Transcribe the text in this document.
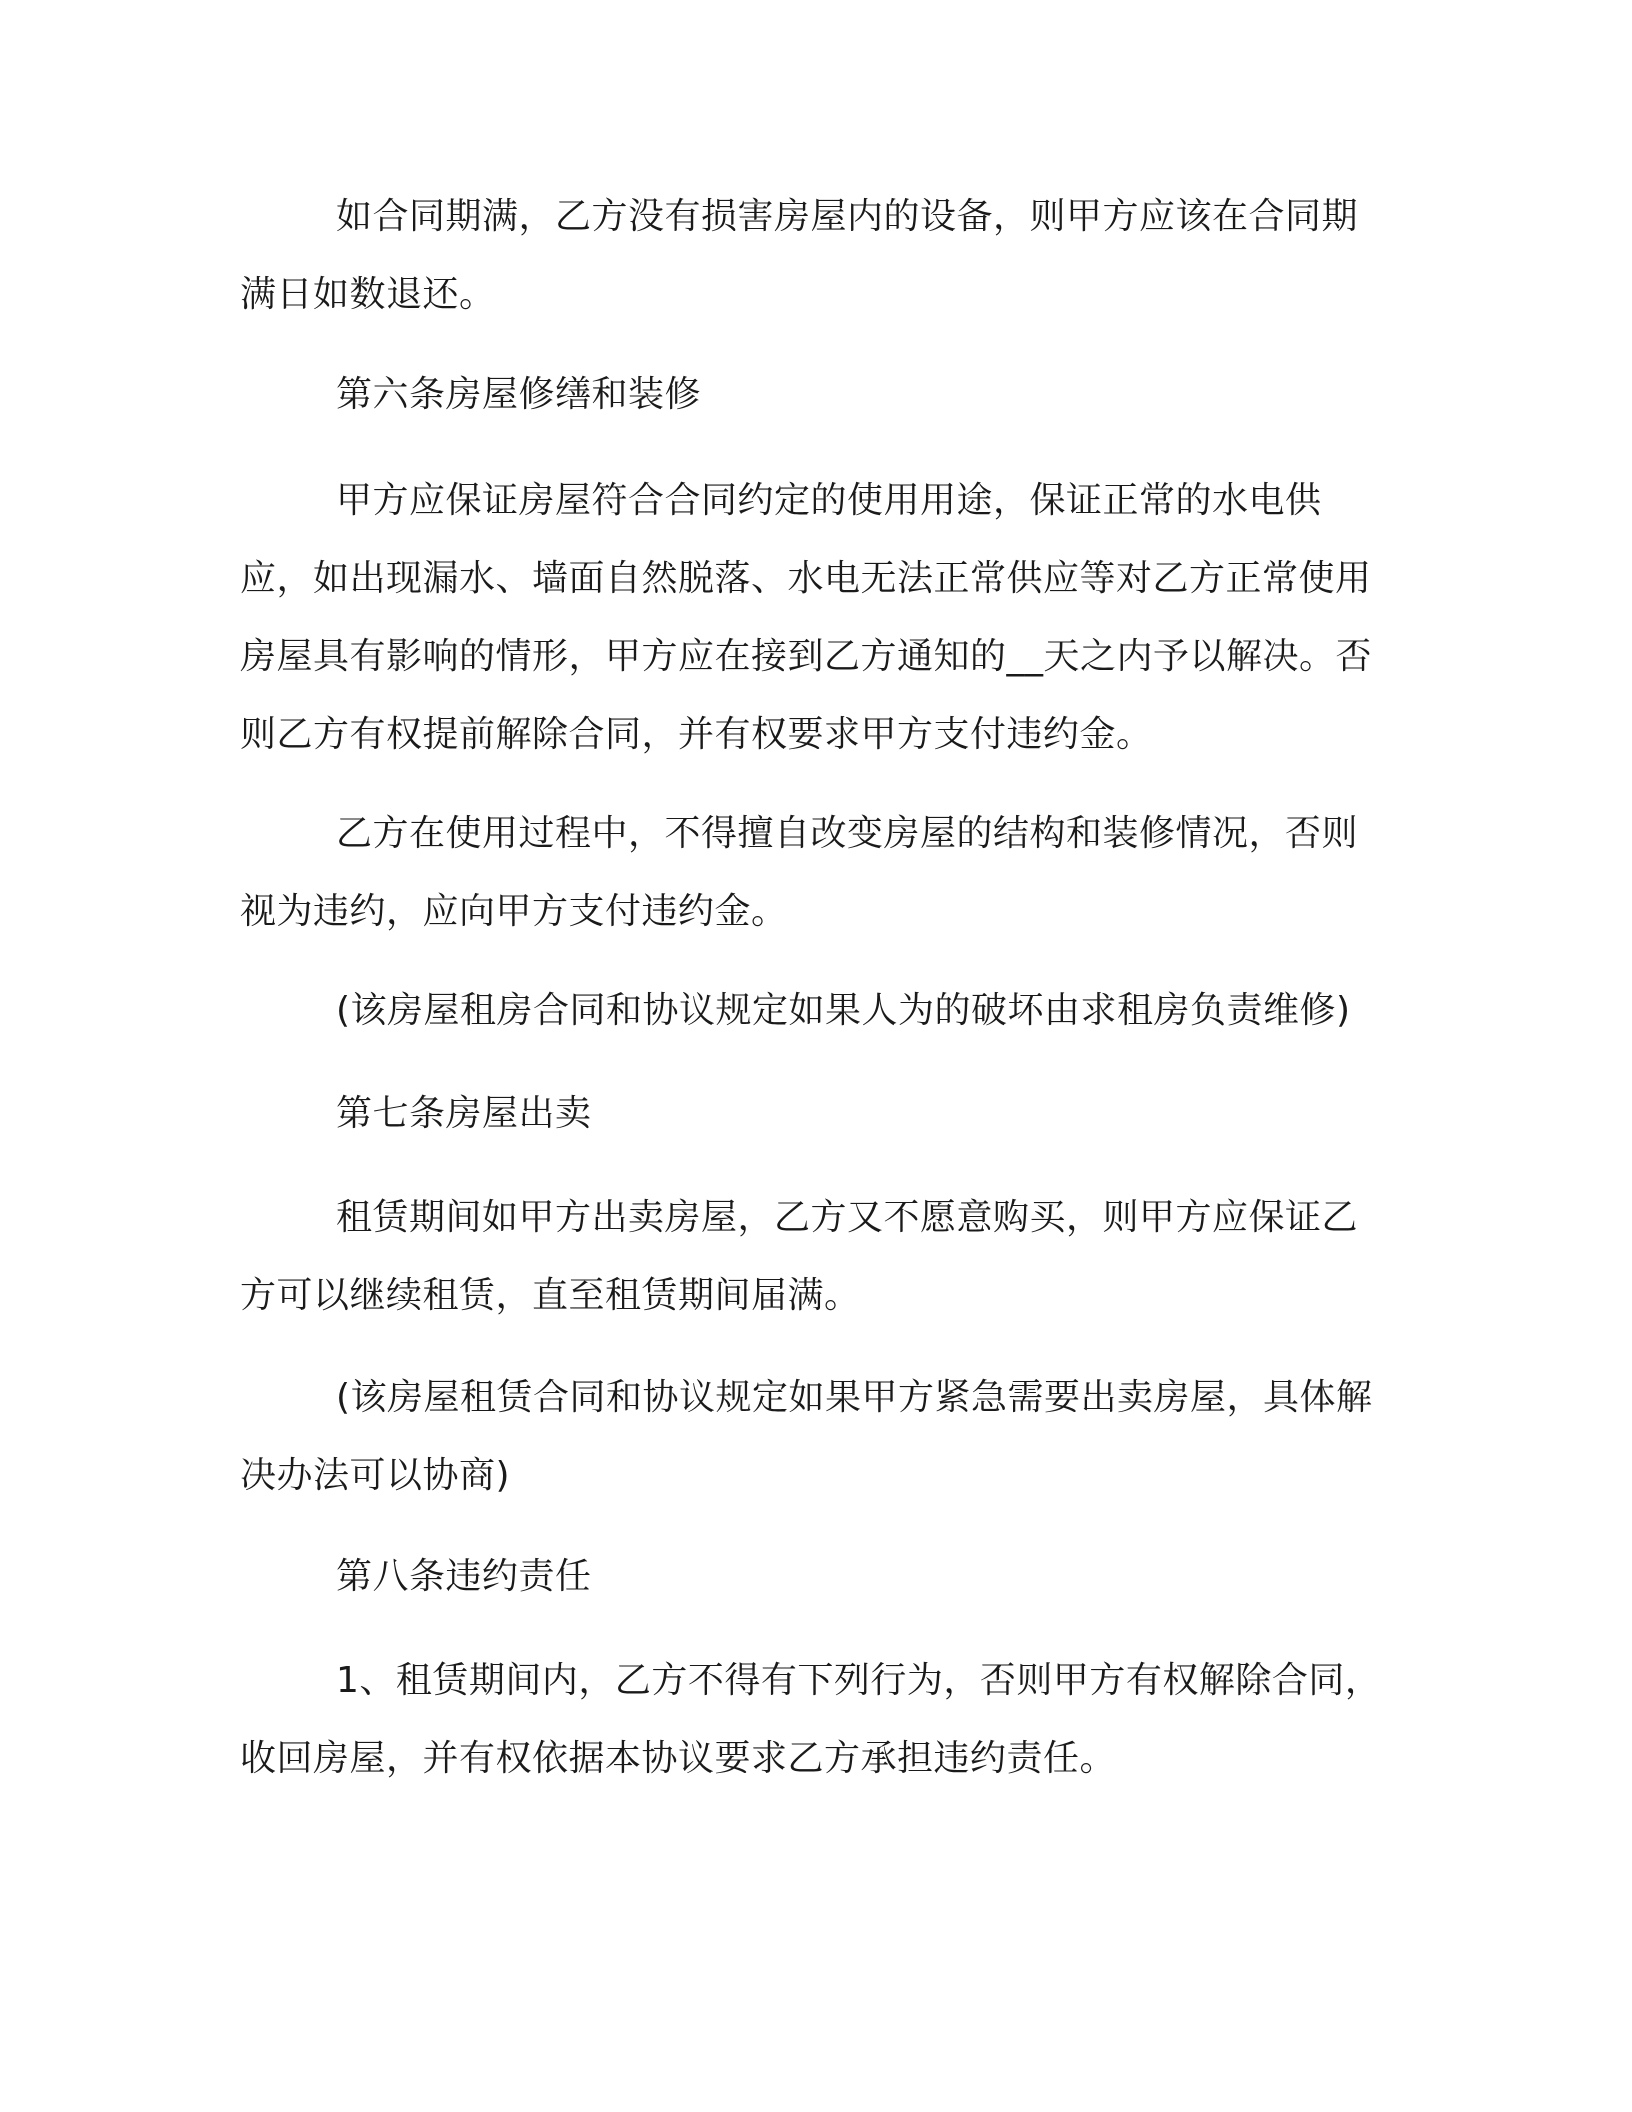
如合同期满，乙方没有损害房屋内的设备，则甲方应该在合同期满日如数退还。

第六条房屋修缮和装修

甲方应保证房屋符合合同约定的使用用途，保证正常的水电供应，如出现漏水、墙面自然脱落、水电无法正常供应等对乙方正常使用房屋具有影响的情形，甲方应在接到乙方通知的__天之内予以解决。否则乙方有权提前解除合同，并有权要求甲方支付违约金。

乙方在使用过程中，不得擅自改变房屋的结构和装修情况，否则视为违约，应向甲方支付违约金。

(该房屋租房合同和协议规定如果人为的破坏由求租房负责维修)

第七条房屋出卖

租赁期间如甲方出卖房屋，乙方又不愿意购买，则甲方应保证乙方可以继续租赁，直至租赁期间届满。

(该房屋租赁合同和协议规定如果甲方紧急需要出卖房屋，具体解决办法可以协商)

第八条违约责任

1、租赁期间内，乙方不得有下列行为，否则甲方有权解除合同，收回房屋，并有权依据本协议要求乙方承担违约责任。
